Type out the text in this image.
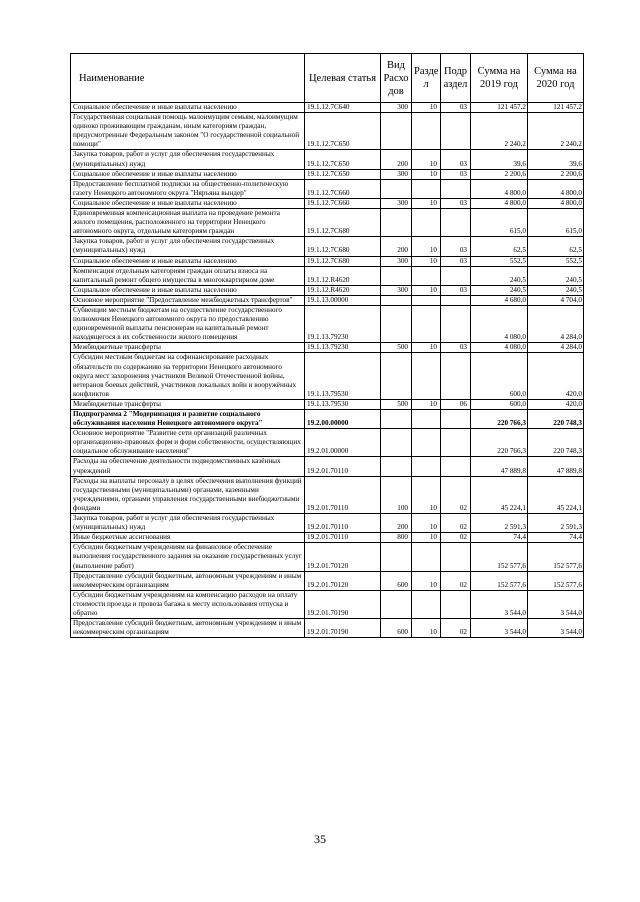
Наименование	Целевая статья	Вид Расхо дов	Разде л	Подр аздел	Сумма на 2019 год	Сумма на 2020 год
Социальное обеспечение и иные выплаты населению	19.1.12.7С640	300	10	03	121 457,2	121 457,2
Государственная социальная помощь малоимущим семьям, малоимущим одиноко проживающим гражданам, иным категориям граждан, предусмотренные Федеральным законом "О государственной социальной помощи"	19.1.12.7С650				2 240,2	2 240,2
Закупка товаров, работ и услуг для обеспечения государственных (муниципальных) нужд	19.1.12.7С650	200	10	03	39,6	39,6
Социальное обеспечение и иные выплаты населению	19.1.12.7С650	300	10	03	2 200,6	2 200,6
Предоставление бесплатной подписки на общественно-политическую газету Ненецкого автономного округа "Няръяна вындер"	19.1.12.7С660				4 800,0	4 800,0
Социальное обеспечение и иные выплаты населению	19.1.12.7С660	300	10	03	4 800,0	4 800,0
Единовременная компенсационная выплата на проведение ремонта жилого помещения, расположенного на территории Ненецкого автономного округа, отдельным категориям граждан	19.1.12.7С680				615,0	615,0
Закупка товаров, работ и услуг для обеспечения государственных (муниципальных) нужд	19.1.12.7С680	200	10	03	62,5	62,5
Социальное обеспечение и иные выплаты населению	19.1.12.7С680	300	10	03	552,5	552,5
Компенсация отдельным категориям граждан оплаты взноса на капитальный ремонт общего имущества в многоквартирном доме	19.1.12.R4620				240,5	240,5
Социальное обеспечение и иные выплаты населению	19.1.12.R4620	300	10	03	240,5	240,5
Основное мероприятие "Предоставление межбюджетных трансфертов"	19.1.13.00000				4 680,0	4 704,0
Субвенции местным бюджетам на осуществление государственного полномочия Ненецкого автономного округа по предоставлению единовременной выплаты пенсионерам на капитальный ремонт находящегося в их собственности жилого помещения	19.1.13.79230				4 080,0	4 284,0
Межбюджетные трансферты	19.1.13.79230	500	10	03	4 080,0	4 284,0
Субсидии местным бюджетам на софинансирование расходных обязательств по содержанию на территории Ненецкого автономного округа мест захоронения участников Великой Отечественной войны, ветеранов боевых действий, участников локальных войн и вооружённых конфликтов	19.1.13.79530				600,0	420,0
Межбюджетные трансферты	19.1.13.79530	500	10	06	600,0	420,0
Подпрограмма 2 "Модернизация и развитие социального обслуживания населения Ненецкого автономного округа"	19.2.00.00000				220 766,3	220 748,3
Основное мероприятие "Развитие сети организаций различных организационно-правовых форм и форм собственности, осуществляющих социальное обслуживание населения"	19.2.01.00000				220 766,3	220 748,3
Расходы на обеспечение деятельности подведомственных казённых учреждений	19.2.01.70110				47 889,8	47 889,8
Расходы на выплаты персоналу в целях обеспечения выполнения функций государственными (муниципальными) органами, казенными учреждениями, органами управления государственными внебюджетными фондами	19.2.01.70110	100	10	02	45 224,1	45 224,1
Закупка товаров, работ и услуг для обеспечения государственных (муниципальных) нужд	19.2.01.70110	200	10	02	2 591,3	2 591,3
Иные бюджетные ассигнования	19.2.01.70110	800	10	02	74,4	74,4
Субсидии бюджетным учреждениям на финансовое обеспечение выполнения государственного задания на оказание государственных услуг (выполнение работ)	19.2.01.70120				152 577,6	152 577,6
Предоставление субсидий бюджетным, автономным учреждениям и иным некоммерческим организациям	19.2.01.70120	600	10	02	152 577,6	152 577,6
Субсидии бюджетным учреждениям на компенсацию расходов на оплату стоимости проезда и провоза багажа к месту использования отпуска и обратно	19.2.01.70190				3 544,0	3 544,0
Предоставление субсидий бюджетным, автономным учреждениям и иным некоммерческим организациям	19.2.01.70190	600	10	02	3 544,0	3 544,0
35
